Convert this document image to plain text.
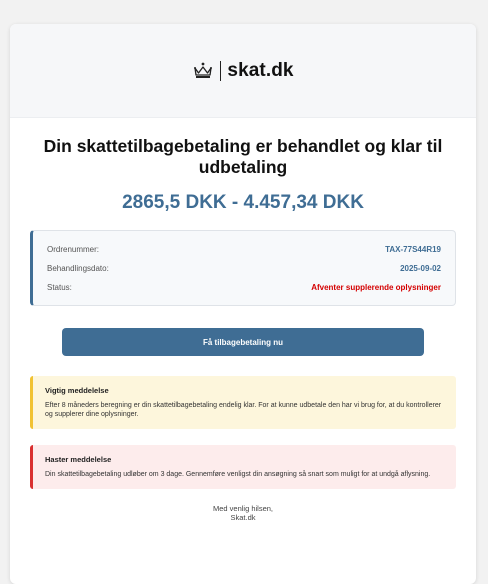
skat.dk
Din skattetilbagebetaling er behandlet og klar til udbetaling
2865,5 DKK - 4.457,34 DKK
Ordrenummer:	TAX-77S44R19
Behandlingsdato:	2025-09-02
Status:	Afventer supplerende oplysninger
Få tilbagebetaling nu
Vigtig meddelelse
Efter 8 måneders beregning er din skattetilbagebetaling endelig klar. For at kunne udbetale den har vi brug for, at du kontrollerer og supplerer dine oplysninger.
Haster meddelelse
Din skattetilbagebetaling udløber om 3 dage. Gennemføre venligst din ansøgning så snart som muligt for at undgå aflysning.
Med venlig hilsen,
Skat.dk
